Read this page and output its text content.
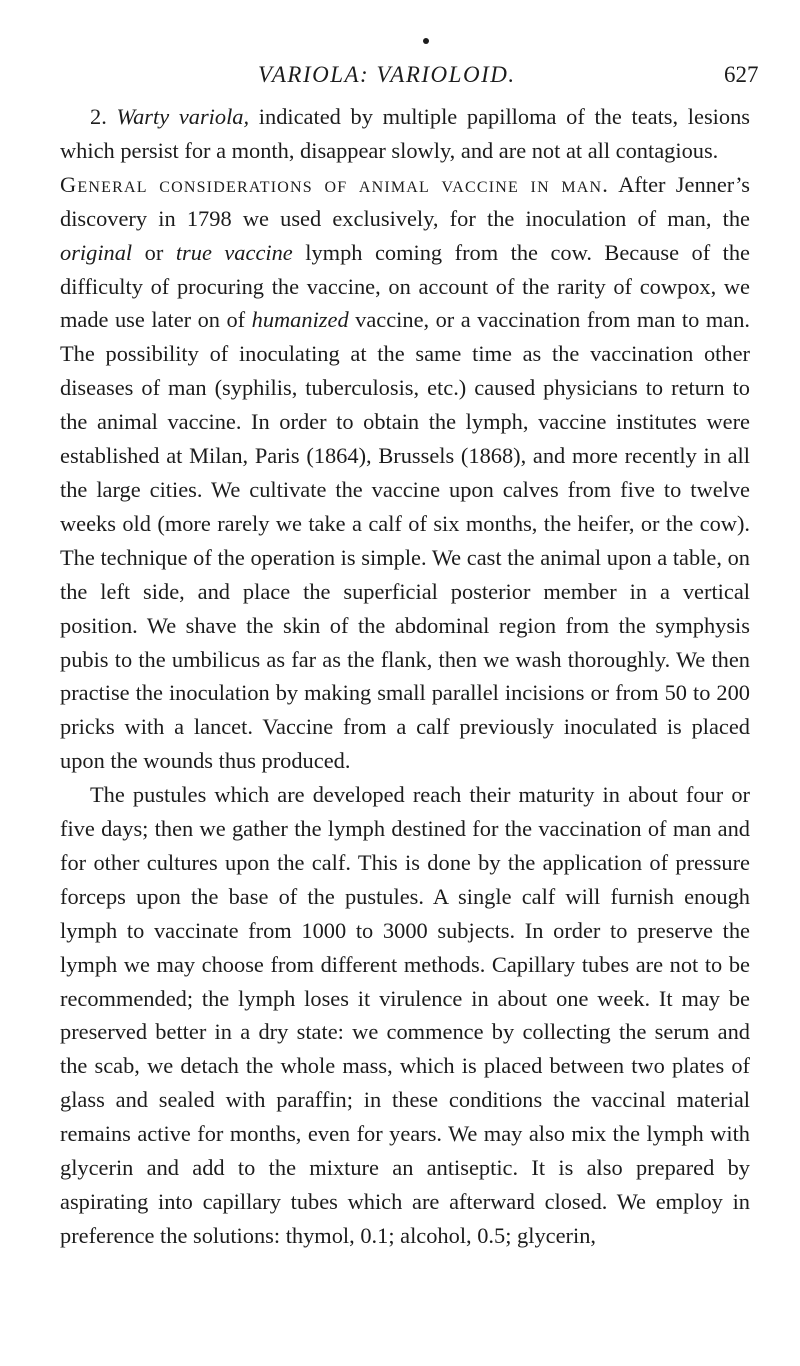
VARIOLA: VARIOLOID.	627

2. Warty variola, indicated by multiple papilloma of the teats, lesions which persist for a month, disappear slowly, and are not at all contagious.

General considerations of animal vaccine in man. After Jenner’s discovery in 1798 we used exclusively, for the inoculation of man, the original or true vaccine lymph coming from the cow. Because of the difficulty of procuring the vaccine, on account of the rarity of cowpox, we made use later on of humanized vaccine, or a vaccination from man to man. The possibility of inoculating at the same time as the vaccination other diseases of man (syphilis, tuberculosis, etc.) caused physicians to return to the animal vaccine. In order to obtain the lymph, vaccine institutes were established at Milan, Paris (1864), Brussels (1868), and more recently in all the large cities. We cultivate the vaccine upon calves from five to twelve weeks old (more rarely we take a calf of six months, the heifer, or the cow). The technique of the operation is simple. We cast the animal upon a table, on the left side, and place the superficial posterior member in a vertical position. We shave the skin of the abdominal region from the symphysis pubis to the umbilicus as far as the flank, then we wash thoroughly. We then practise the inoculation by making small parallel incisions or from 50 to 200 pricks with a lancet. Vaccine from a calf previously inoculated is placed upon the wounds thus produced.

The pustules which are developed reach their maturity in about four or five days; then we gather the lymph destined for the vaccination of man and for other cultures upon the calf. This is done by the application of pressure forceps upon the base of the pustules. A single calf will furnish enough lymph to vaccinate from 1000 to 3000 subjects. In order to preserve the lymph we may choose from different methods. Capillary tubes are not to be recommended; the lymph loses it virulence in about one week. It may be preserved better in a dry state: we commence by collecting the serum and the scab, we detach the whole mass, which is placed between two plates of glass and sealed with paraffin; in these conditions the vaccinal material remains active for months, even for years. We may also mix the lymph with glycerin and add to the mixture an antiseptic. It is also prepared by aspirating into capillary tubes which are afterward closed. We employ in preference the solutions: thymol, 0.1; alcohol, 0.5; glycerin,
